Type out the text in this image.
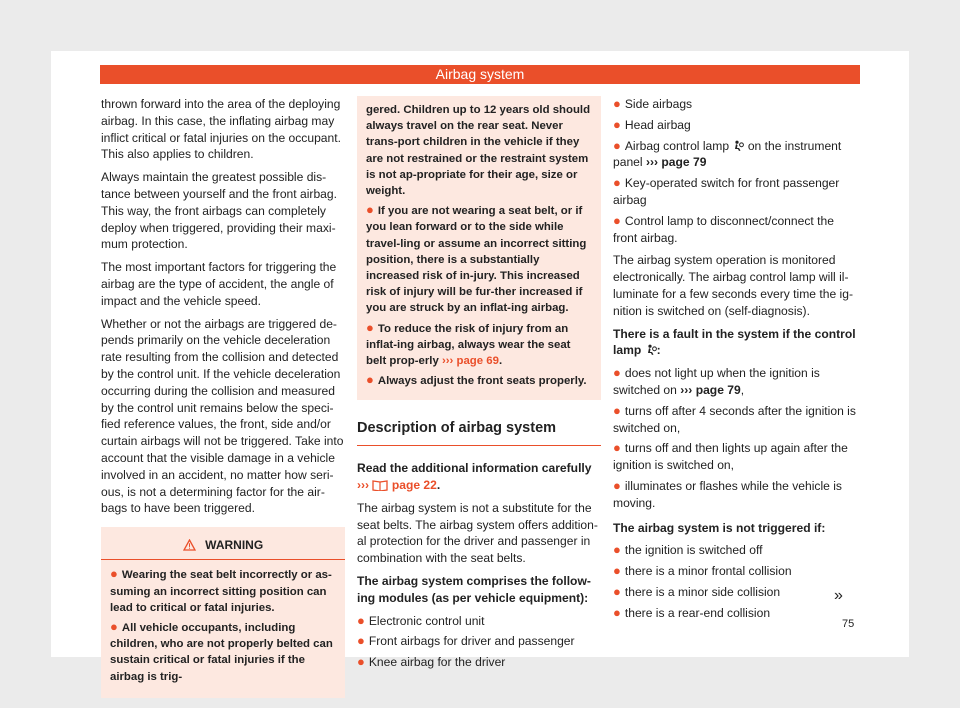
Airbag system

thrown forward into the area of the deploying airbag. In this case, the inflating airbag may inflict critical or fatal injuries on the occupant. This also applies to children.

Always maintain the greatest possible dis-tance between yourself and the front airbag. This way, the front airbags can completely deploy when triggered, providing their maxi-mum protection.

The most important factors for triggering the airbag are the type of accident, the angle of impact and the vehicle speed.

Whether or not the airbags are triggered de-pends primarily on the vehicle deceleration rate resulting from the collision and detected by the control unit. If the vehicle deceleration occurring during the collision and measured by the control unit remains below the speci-fied reference values, the front, side and/or curtain airbags will not be triggered. Take into account that the visible damage in a vehicle involved in an accident, no matter how seri-ous, is not a determining factor for the air-bags to have been triggered.

WARNING
● Wearing the seat belt incorrectly or as-suming an incorrect sitting position can lead to critical or fatal injuries.
● All vehicle occupants, including children, who are not properly belted can sustain critical or fatal injuries if the airbag is trig-
gered. Children up to 12 years old should always travel on the rear seat. Never trans-port children in the vehicle if they are not restrained or the restraint system is not ap-propriate for their age, size or weight.
● If you are not wearing a seat belt, or if you lean forward or to the side while travel-ling or assume an incorrect sitting position, there is a substantially increased risk of in-jury. This increased risk of injury will be fur-ther increased if you are struck by an inflat-ing airbag.
● To reduce the risk of injury from an inflat-ing airbag, always wear the seat belt prop-erly ››› page 69.
● Always adjust the front seats properly.
Description of airbag system

Read the additional information carefully
›››  page 22.

The airbag system is not a substitute for the seat belts. The airbag system offers addition-al protection for the driver and passenger in combination with the seat belts.

The airbag system comprises the follow-ing modules (as per vehicle equipment):

● Electronic control unit
● Front airbags for driver and passenger
● Knee airbag for the driver
● Side airbags
● Head airbag
● Airbag control lamp on the instrument panel ››› page 79
● Key-operated switch for front passenger airbag
● Control lamp to disconnect/connect the front airbag.

The airbag system operation is monitored electronically. The airbag control lamp will il-luminate for a few seconds every time the ig-nition is switched on (self-diagnosis).

There is a fault in the system if the control lamp :

● does not light up when the ignition is switched on ››› page 79,
● turns off after 4 seconds after the ignition is switched on,
● turns off and then lights up again after the ignition is switched on,
● illuminates or flashes while the vehicle is moving.

The airbag system is not triggered if:

● the ignition is switched off
● there is a minor frontal collision
● there is a minor side collision
● there is a rear-end collision
»
75
